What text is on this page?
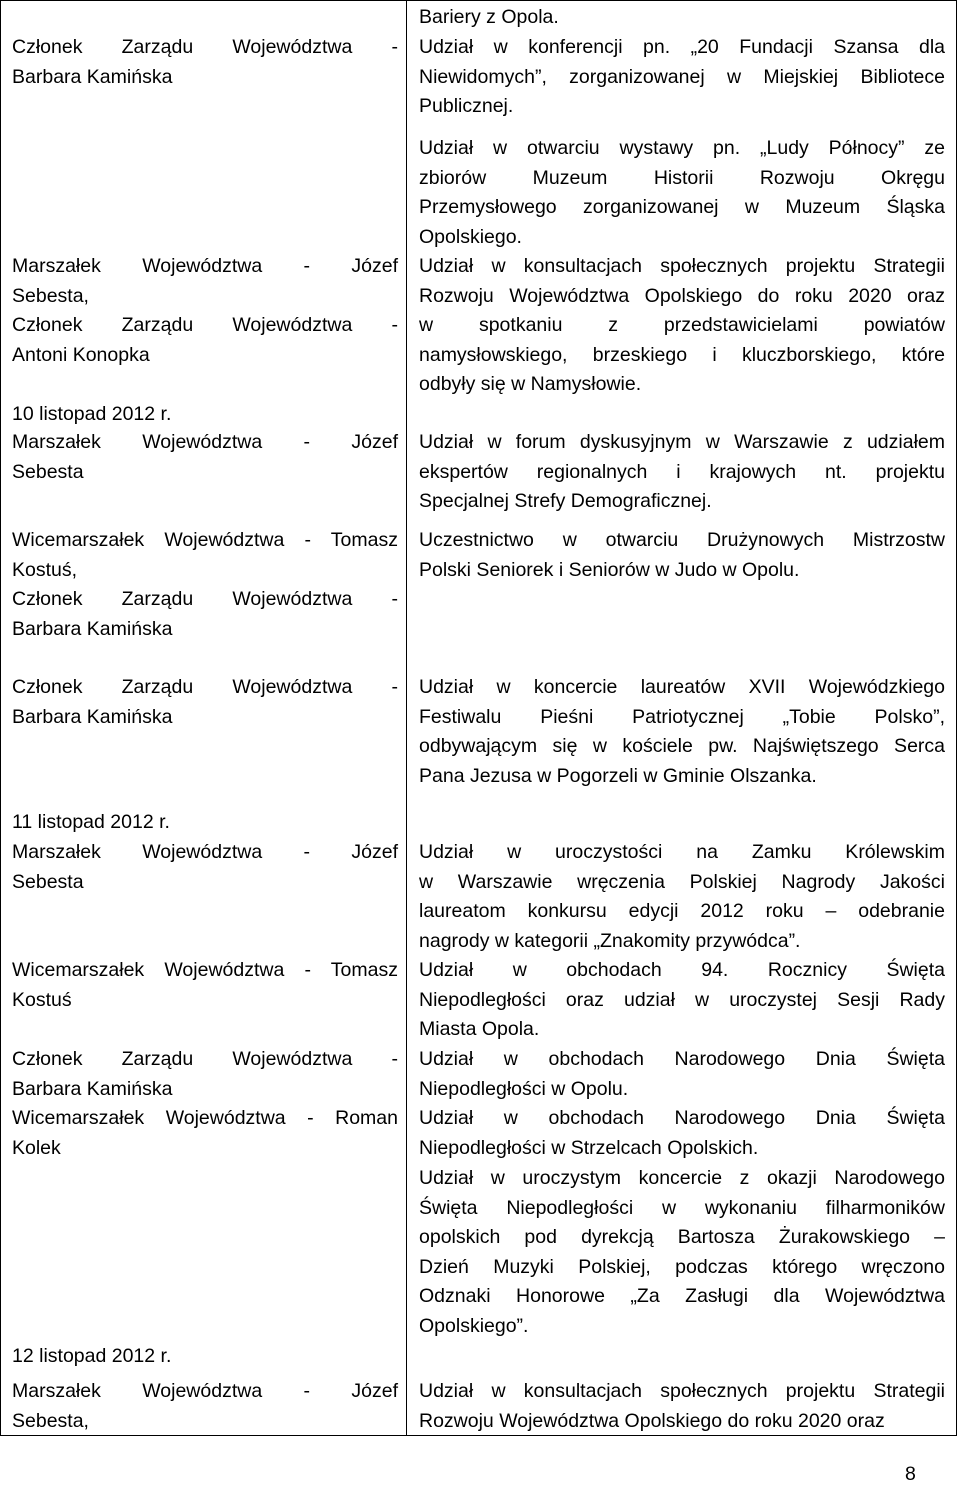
Członek Zarządu Województwa -
Barbara Kamińska
Marszałek Województwa - Józef
Sebesta,
Członek Zarządu Województwa -
Antoni Konopka
10 listopad 2012 r.
Marszałek Województwa - Józef
Sebesta
Wicemarszałek Województwa - Tomasz
Kostuś,
Członek Zarządu Województwa -
Barbara Kamińska
Członek Zarządu Województwa -
Barbara Kamińska
11 listopad 2012 r.
Marszałek Województwa - Józef
Sebesta
Wicemarszałek Województwa - Tomasz
Kostuś
Członek Zarządu Województwa -
Barbara Kamińska
Wicemarszałek Województwa - Roman
Kolek
12 listopad 2012 r.
Marszałek Województwa - Józef
Sebesta,
Bariery z Opola.
Udział w konferencji pn. „20 Fundacji Szansa dla
Niewidomych”, zorganizowanej w Miejskiej Bibliotece
Publicznej.
Udział w otwarciu wystawy pn. „Ludy Północy” ze
zbiorów Muzeum Historii Rozwoju Okręgu
Przemysłowego zorganizowanej w Muzeum Śląska
Opolskiego.
Udział w konsultacjach społecznych projektu Strategii
Rozwoju Województwa Opolskiego do roku 2020 oraz
w spotkaniu z przedstawicielami powiatów
namysłowskiego, brzeskiego i kluczborskiego, które
odbyły się w Namysłowie.
Udział w forum dyskusyjnym w Warszawie z udziałem
ekspertów regionalnych i krajowych nt. projektu
Specjalnej Strefy Demograficznej.
Uczestnictwo w otwarciu Drużynowych Mistrzostw
Polski Seniorek i Seniorów w Judo w Opolu.
Udział w koncercie laureatów XVII Wojewódzkiego
Festiwalu Pieśni Patriotycznej „Tobie Polsko”,
odbywającym się w kościele pw. Najświętszego Serca
Pana Jezusa w Pogorzeli w Gminie Olszanka.
Udział w uroczystości na Zamku Królewskim
w Warszawie wręczenia Polskiej Nagrody Jakości
laureatom konkursu edycji 2012 roku – odebranie
nagrody w kategorii „Znakomity przywódca”.
Udział w obchodach 94. Rocznicy Święta
Niepodległości oraz udział w uroczystej Sesji Rady
Miasta Opola.
Udział w obchodach Narodowego Dnia Święta
Niepodległości w Opolu.
Udział w obchodach Narodowego Dnia Święta
Niepodległości w Strzelcach Opolskich.
Udział w uroczystym koncercie z okazji Narodowego
Święta Niepodległości w wykonaniu filharmoników
opolskich pod dyrekcją Bartosza Żurakowskiego –
Dzień Muzyki Polskiej, podczas którego wręczono
Odznaki Honorowe „Za Zasługi dla Województwa
Opolskiego”.
Udział w konsultacjach społecznych projektu Strategii
Rozwoju Województwa Opolskiego do roku 2020 oraz
8
